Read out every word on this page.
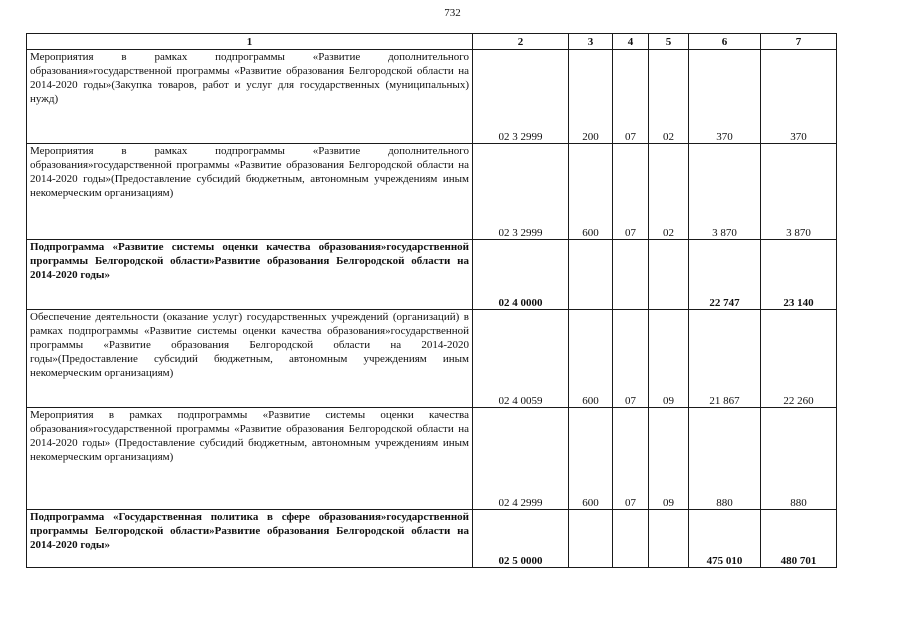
732
1	2	3	4	5	6	7
Мероприятия в рамках подпрограммы «Развитие дополнительного образования»государственной программы «Развитие образования Белгородской области на 2014-2020 годы»(Закупка товаров, работ и услуг для государственных (муниципальных) нужд)	02 3 2999	200	07	02	370	370
Мероприятия в рамках подпрограммы «Развитие дополнительного образования»государственной программы «Развитие образования Белгородской области на 2014-2020 годы»(Предоставление субсидий бюджетным, автономным учреждениям иным некомерческим организациям)	02 3 2999	600	07	02	3 870	3 870
Подпрограмма «Развитие системы оценки качества образования»государственной программы Белгородской области»Развитие образования Белгородской области на 2014-2020 годы»	02 4 0000				22 747	23 140
Обеспечение деятельности (оказание услуг) государственных учреждений (организаций) в рамках подпрограммы «Развитие системы оценки качества образования»государственной программы «Развитие образования Белгородской области на 2014-2020 годы»(Предоставление субсидий бюджетным, автономным учреждениям иным некомерческим организациям)	02 4 0059	600	07	09	21 867	22 260
Мероприятия в рамках подпрограммы «Развитие системы оценки качества образования»государственной программы «Развитие образования Белгородской области на 2014-2020 годы» (Предоставление субсидий бюджетным, автономным учреждениям иным некомерческим организациям)	02 4 2999	600	07	09	880	880
Подпрограмма «Государственная политика в сфере образования»государственной программы Белгородской области»Развитие образования Белгородской области на 2014-2020 годы»	02 5 0000				475 010	480 701
